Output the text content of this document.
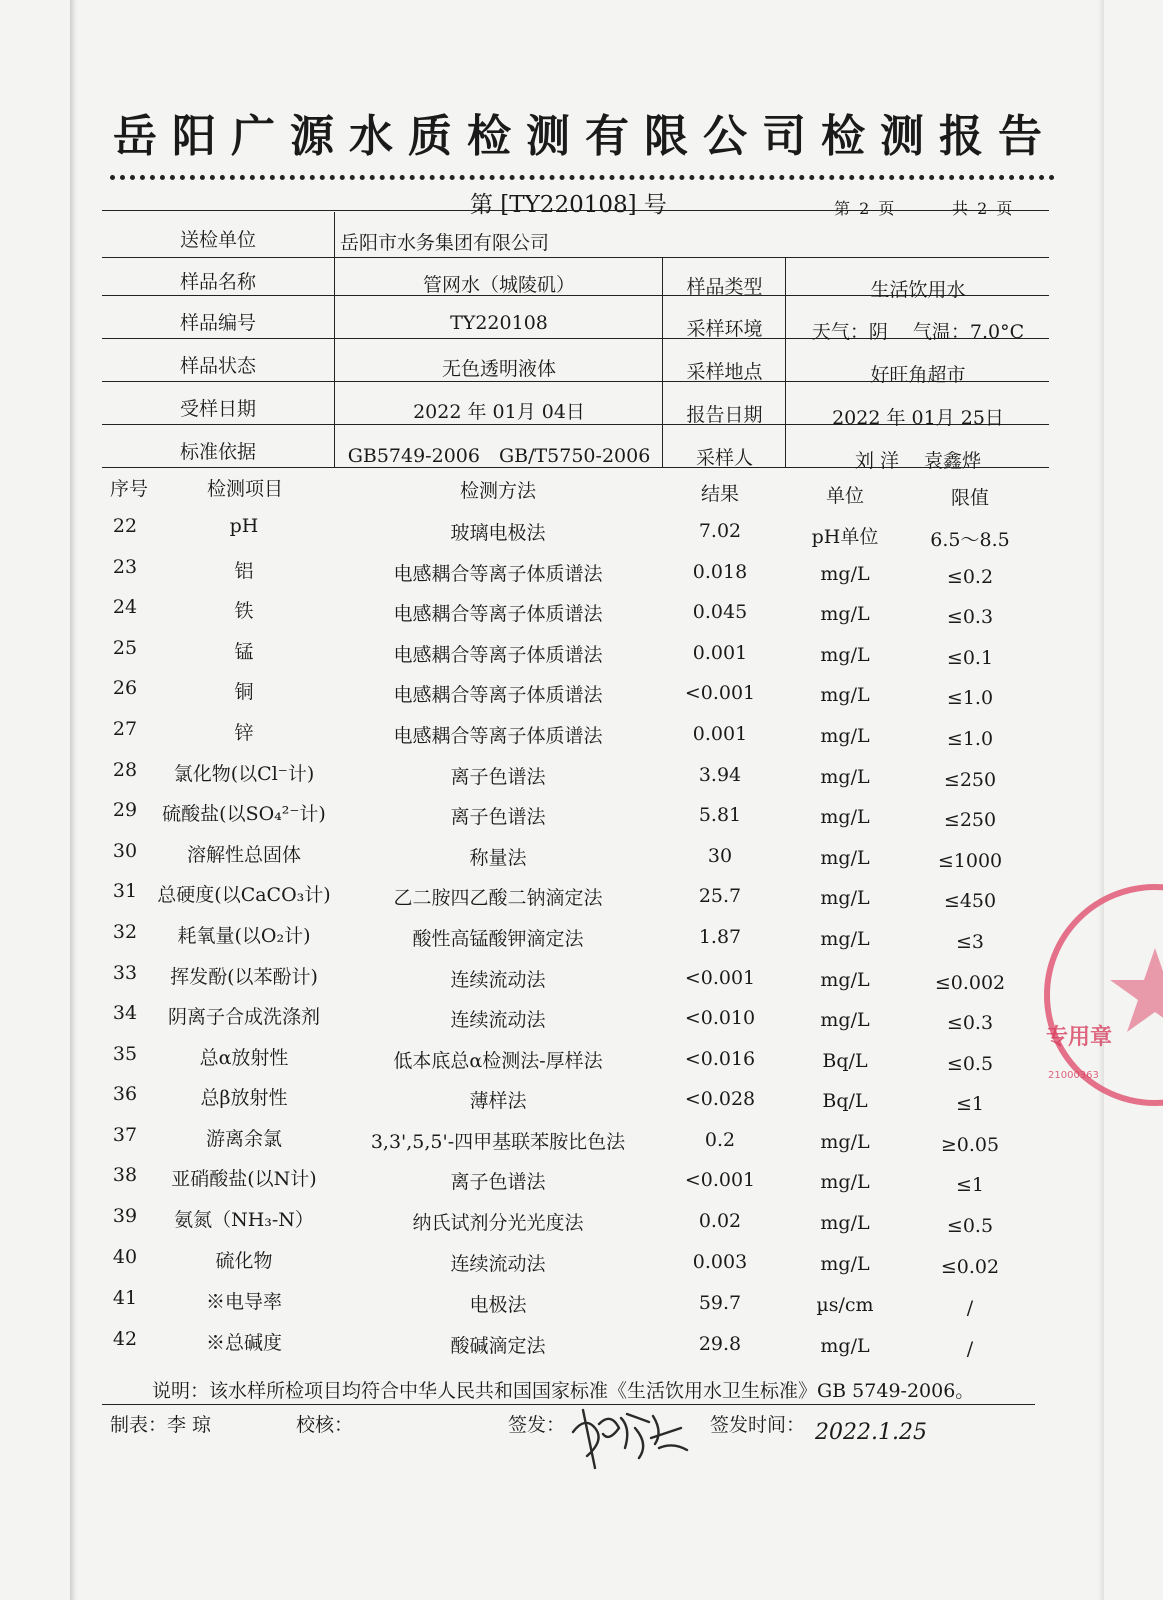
岳阳广源水质检测有限公司检测报告
第 [TY220108] 号	第 2 页	共 2 页
送检单位	岳阳市水务集团有限公司
样品名称	管网水（城陵矶）	样品类型	生活饮用水
样品编号	TY220108	采样环境	天气：阴　 气温：7.0°C
样品状态	无色透明液体	采样地点	好旺角超市
受样日期	2022 年 01月 04日	报告日期	2022 年 01月 25日
标准依据	GB5749-2006　GB/T5750-2006	采样人	刘 洋　 袁鑫烨
序号	检测项目	检测方法	结果	单位	限值
22	pH	玻璃电极法	7.02	pH单位	6.5～8.5
23	铝	电感耦合等离子体质谱法	0.018	mg/L	≤0.2
24	铁	电感耦合等离子体质谱法	0.045	mg/L	≤0.3
25	锰	电感耦合等离子体质谱法	0.001	mg/L	≤0.1
26	铜	电感耦合等离子体质谱法	<0.001	mg/L	≤1.0
27	锌	电感耦合等离子体质谱法	0.001	mg/L	≤1.0
28	氯化物(以Cl⁻计)	离子色谱法	3.94	mg/L	≤250
29	硫酸盐(以SO₄²⁻计)	离子色谱法	5.81	mg/L	≤250
30	溶解性总固体	称量法	30	mg/L	≤1000
31	总硬度(以CaCO₃计)	乙二胺四乙酸二钠滴定法	25.7	mg/L	≤450
32	耗氧量(以O₂计)	酸性高锰酸钾滴定法	1.87	mg/L	≤3
33	挥发酚(以苯酚计)	连续流动法	<0.001	mg/L	≤0.002
34	阴离子合成洗涤剂	连续流动法	<0.010	mg/L	≤0.3
35	总α放射性	低本底总α检测法-厚样法	<0.016	Bq/L	≤0.5
36	总β放射性	薄样法	<0.028	Bq/L	≤1
37	游离余氯	3,3',5,5'-四甲基联苯胺比色法	0.2	mg/L	≥0.05
38	亚硝酸盐(以N计)	离子色谱法	<0.001	mg/L	≤1
39	氨氮（NH₃-N）	纳氏试剂分光光度法	0.02	mg/L	≤0.5
40	硫化物	连续流动法	0.003	mg/L	≤0.02
41	※电导率	电极法	59.7	µs/cm	/
42	※总碱度	酸碱滴定法	29.8	mg/L	/
说明：该水样所检项目均符合中华人民共和国国家标准《生活饮用水卫生标准》GB 5749-2006。
制表：李 琼	校核：	签发：	签发时间： 2022.1.25
专用章
21000363
